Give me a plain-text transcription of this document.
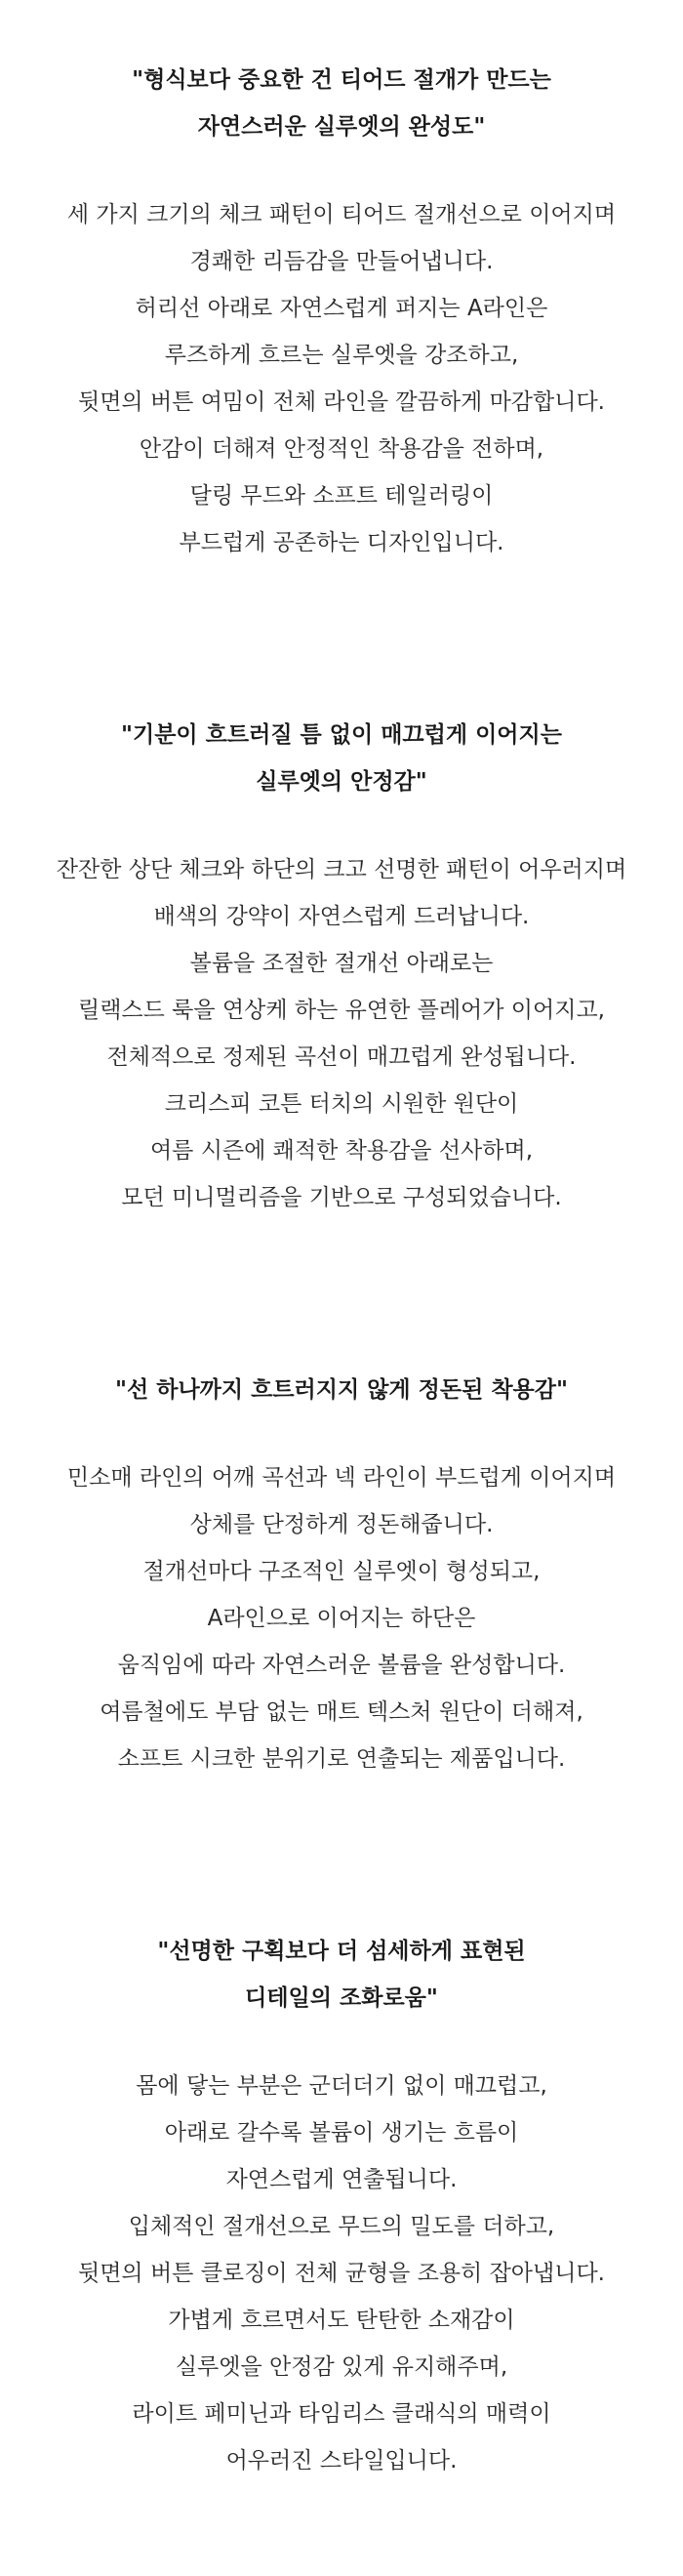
"형식보다 중요한 건 티어드 절개가 만드는
자연스러운 실루엣의 완성도"
세 가지 크기의 체크 패턴이 티어드 절개선으로 이어지며
경쾌한 리듬감을 만들어냅니다.
허리선 아래로 자연스럽게 퍼지는 A라인은
루즈하게 흐르는 실루엣을 강조하고,
뒷면의 버튼 여밈이 전체 라인을 깔끔하게 마감합니다.
안감이 더해져 안정적인 착용감을 전하며,
달링 무드와 소프트 테일러링이
부드럽게 공존하는 디자인입니다.
"기분이 흐트러질 틈 없이 매끄럽게 이어지는
실루엣의 안정감"
잔잔한 상단 체크와 하단의 크고 선명한 패턴이 어우러지며
배색의 강약이 자연스럽게 드러납니다.
볼륨을 조절한 절개선 아래로는
릴랙스드 룩을 연상케 하는 유연한 플레어가 이어지고,
전체적으로 정제된 곡선이 매끄럽게 완성됩니다.
크리스피 코튼 터치의 시원한 원단이
여름 시즌에 쾌적한 착용감을 선사하며,
모던 미니멀리즘을 기반으로 구성되었습니다.
"선 하나까지 흐트러지지 않게 정돈된 착용감"
민소매 라인의 어깨 곡선과 넥 라인이 부드럽게 이어지며
상체를 단정하게 정돈해줍니다.
절개선마다 구조적인 실루엣이 형성되고,
A라인으로 이어지는 하단은
움직임에 따라 자연스러운 볼륨을 완성합니다.
여름철에도 부담 없는 매트 텍스처 원단이 더해져,
소프트 시크한 분위기로 연출되는 제품입니다.
"선명한 구획보다 더 섬세하게 표현된
디테일의 조화로움"
몸에 닿는 부분은 군더더기 없이 매끄럽고,
아래로 갈수록 볼륨이 생기는 흐름이
자연스럽게 연출됩니다.
입체적인 절개선으로 무드의 밀도를 더하고,
뒷면의 버튼 클로징이 전체 균형을 조용히 잡아냅니다.
가볍게 흐르면서도 탄탄한 소재감이
실루엣을 안정감 있게 유지해주며,
라이트 페미닌과 타임리스 클래식의 매력이
어우러진 스타일입니다.
